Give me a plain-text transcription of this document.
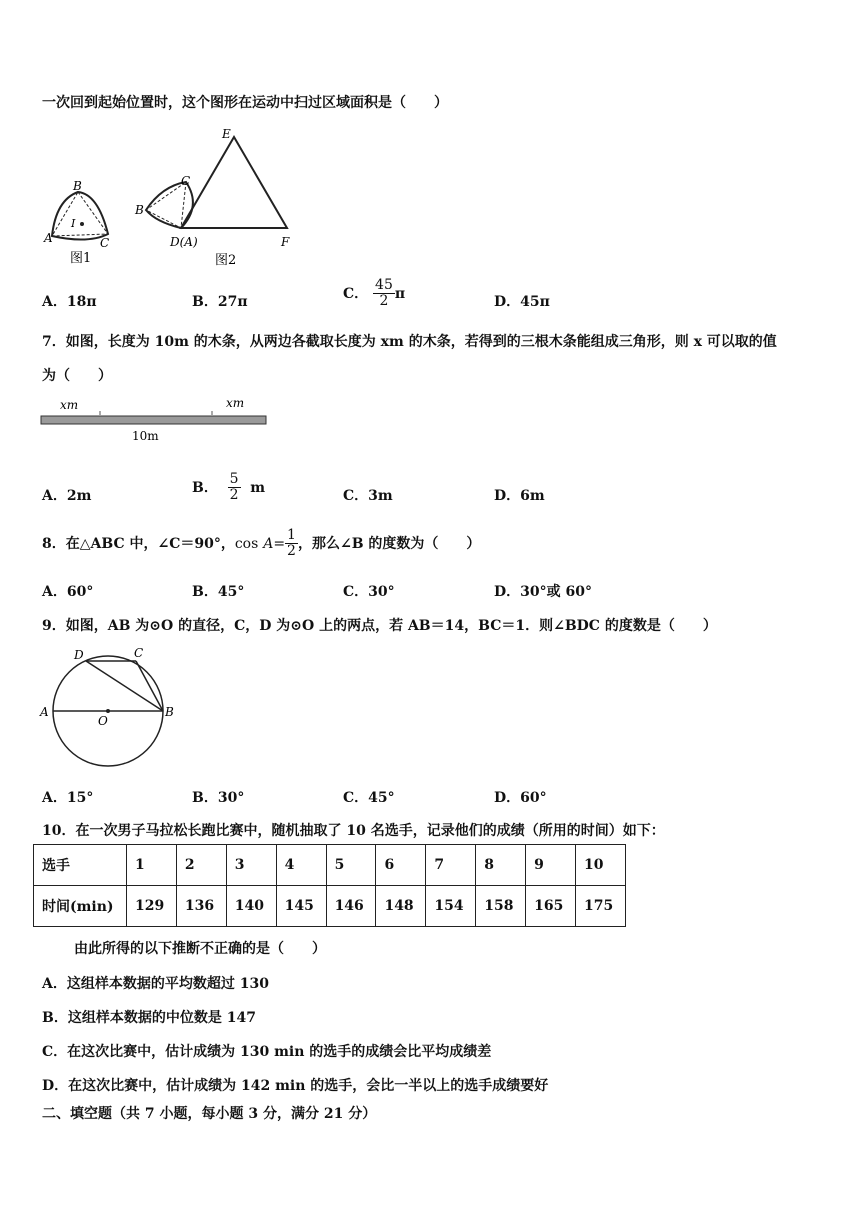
一次回到起始位置时，这个图形在运动中扫过区域面积是（　　）
B
I
A	C
图1
C
B
E
D(A)	F
图2
A．18π	B．27π
C． $\frac{45}{2}$ π
D．45π
7．如图，长度为 10m 的木条，从两边各截取长度为 xm 的木条，若得到的三根木条能组成三角形，则 x 可以取的值
为（　　）
xm	xm
10m
A．2m
B． $\frac{5}{2}$ m
C．3m	D．6m
8．在△ABC 中，∠C＝90°，$\cos A= \frac{1}{2}$ ，那么∠B 的度数为（　　）
A．60°	B．45°	C．30°	D．30°或 60°
9．如图，AB 为⊙O 的直径，C，D 为⊙O 上的两点，若 AB＝14，BC＝1．则∠BDC 的度数是（　　）
D	C
A
O
B
A．15°	B．30°	C．45°	D．60°
10．在一次男子马拉松长跑比赛中，随机抽取了 10 名选手，记录他们的成绩（所用的时间）如下：
选手	1	2	3	4	5	6	7	8	9	10
时间(min)	129	136	140	145	146	148	154	158	165	175
由此所得的以下推断不正确的是（　　）
A．这组样本数据的平均数超过 130
B．这组样本数据的中位数是 147
C．在这次比赛中，估计成绩为 130 min 的选手的成绩会比平均成绩差
D．在这次比赛中，估计成绩为 142 min 的选手，会比一半以上的选手成绩要好
二、填空题（共 7 小题，每小题 3 分，满分 21 分）
